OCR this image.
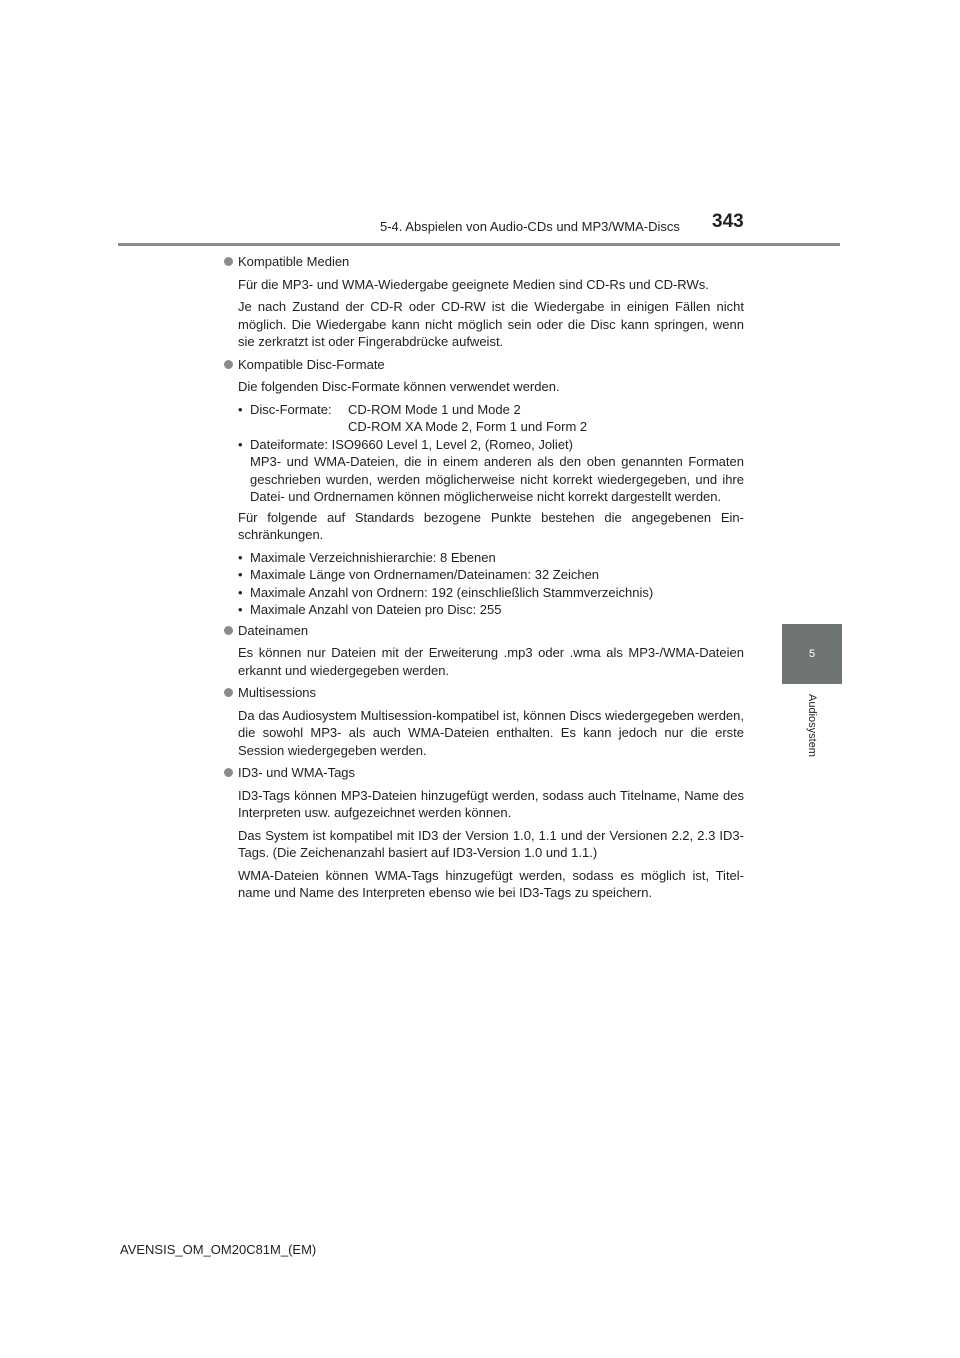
5-4. Abspielen von Audio-CDs und MP3/WMA-Discs 343
5
Audiosystem
Kompatible Medien

Für die MP3- und WMA-Wiedergabe geeignete Medien sind CD-Rs und CD-RWs.

Je nach Zustand der CD-R oder CD-RW ist die Wiedergabe in einigen Fällen nicht möglich. Die Wiedergabe kann nicht möglich sein oder die Disc kann springen, wenn sie zerkratzt ist oder Fingerabdrücke aufweist.

Kompatible Disc-Formate

Die folgenden Disc-Formate können verwendet werden.

• Disc-Formate:	CD-ROM Mode 1 und Mode 2
CD-ROM XA Mode 2, Form 1 und Form 2
• Dateiformate: ISO9660 Level 1, Level 2, (Romeo, Joliet)
MP3- und WMA-Dateien, die in einem anderen als den oben genannten Formaten geschrieben wurden, werden möglicherweise nicht korrekt wiedergegeben, und ihre Datei- und Ordnernamen können möglicherweise nicht korrekt dargestellt werden.

Für folgende auf Standards bezogene Punkte bestehen die angegebenen Ein-schränkungen.

• Maximale Verzeichnishierarchie: 8 Ebenen
• Maximale Länge von Ordnernamen/Dateinamen: 32 Zeichen
• Maximale Anzahl von Ordnern: 192 (einschließlich Stammverzeichnis)
• Maximale Anzahl von Dateien pro Disc: 255
Dateinamen

Es können nur Dateien mit der Erweiterung .mp3 oder .wma als MP3-/WMA-Dateien erkannt und wiedergegeben werden.

Multisessions

Da das Audiosystem Multisession-kompatibel ist, können Discs wiedergegeben werden, die sowohl MP3- als auch WMA-Dateien enthalten. Es kann jedoch nur die erste Session wiedergegeben werden.

ID3- und WMA-Tags

ID3-Tags können MP3-Dateien hinzugefügt werden, sodass auch Titelname, Name des Interpreten usw. aufgezeichnet werden können.

Das System ist kompatibel mit ID3 der Version 1.0, 1.1 und der Versionen 2.2, 2.3 ID3-Tags. (Die Zeichenanzahl basiert auf ID3-Version 1.0 und 1.1.)

WMA-Dateien können WMA-Tags hinzugefügt werden, sodass es möglich ist, Titel-name und Name des Interpreten ebenso wie bei ID3-Tags zu speichern.

AVENSIS_OM_OM20C81M_(EM)
